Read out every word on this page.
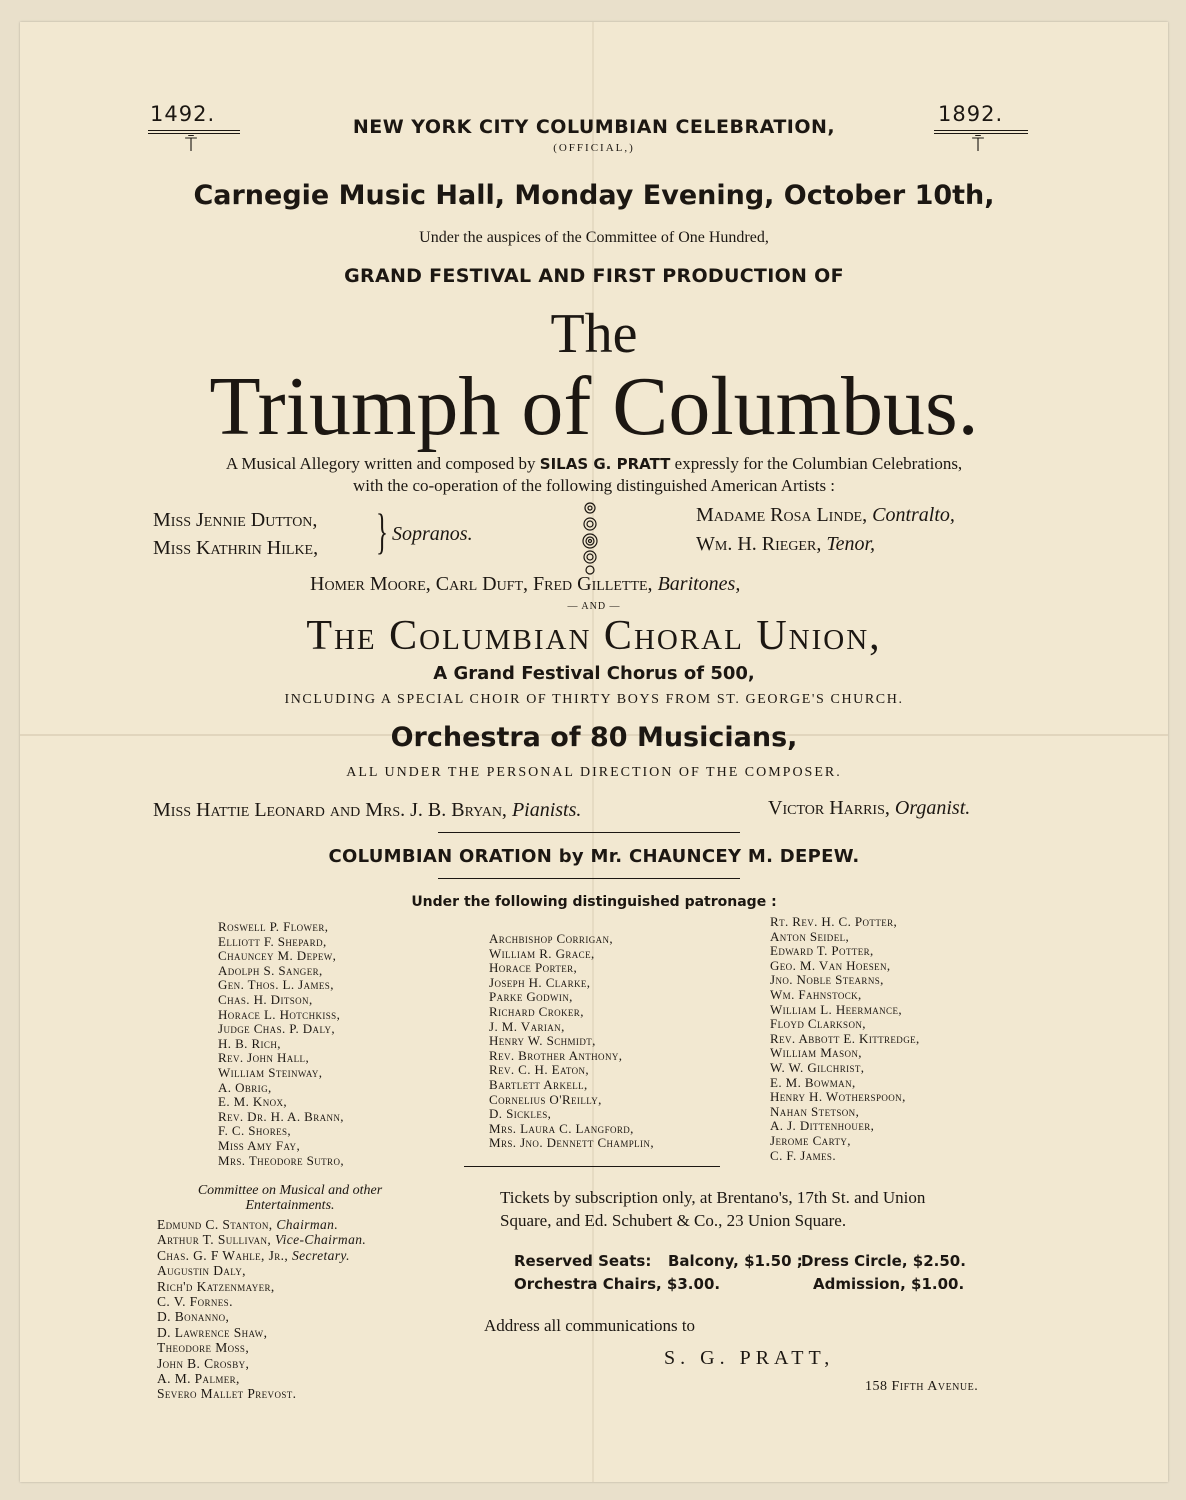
1492.
⍑
1892.
⍑
NEW YORK CITY COLUMBIAN CELEBRATION,
(OFFICIAL,)
Carnegie Music Hall, Monday Evening, October 10th,
Under the auspices of the Committee of One Hundred,
GRAND FESTIVAL AND FIRST PRODUCTION OF
The
Triumph of Columbus.
A Musical Allegory written and composed by SILAS G. PRATT expressly for the Columbian Celebrations,
with the co-operation of the following distinguished American Artists :
Miss Jennie Dutton,
Miss Kathrin Hilke, } Sopranos.
Madame Rosa Linde, Contralto,
Wm. H. Rieger, Tenor,
Homer Moore, Carl Duft, Fred Gillette, Baritones,
— AND —
The Columbian Choral Union,
A Grand Festival Chorus of 500,
INCLUDING A SPECIAL CHOIR OF THIRTY BOYS FROM ST. GEORGE'S CHURCH.
Orchestra of 80 Musicians,
ALL UNDER THE PERSONAL DIRECTION OF THE COMPOSER.
Miss Hattie Leonard and Mrs. J. B. Bryan, Pianists.	Victor Harris, Organist.
COLUMBIAN ORATION by Mr. CHAUNCEY M. DEPEW.
Under the following distinguished patronage :
Roswell P. Flower,
Elliott F. Shepard,
Chauncey M. Depew,
Adolph S. Sanger,
Gen. Thos. L. James,
Chas. H. Ditson,
Horace L. Hotchkiss,
Judge Chas. P. Daly,
H. B. Rich,
Rev. John Hall,
William Steinway,
A. Obrig,
E. M. Knox,
Rev. Dr. H. A. Brann,
F. C. Shores,
Miss Amy Fay,
Mrs. Theodore Sutro,
Archbishop Corrigan,
William R. Grace,
Horace Porter,
Joseph H. Clarke,
Parke Godwin,
Richard Croker,
J. M. Varian,
Henry W. Schmidt,
Rev. Brother Anthony,
Rev. C. H. Eaton,
Bartlett Arkell,
Cornelius O'Reilly,
D. Sickles,
Mrs. Laura C. Langford,
Mrs. Jno. Dennett Champlin,
Rt. Rev. H. C. Potter,
Anton Seidel,
Edward T. Potter,
Geo. M. Van Hoesen,
Jno. Noble Stearns,
Wm. Fahnstock,
William L. Heermance,
Floyd Clarkson,
Rev. Abbott E. Kittredge,
William Mason,
W. W. Gilchrist,
E. M. Bowman,
Henry H. Wotherspoon,
Nahan Stetson,
A. J. Dittenhouer,
Jerome Carty,
C. F. James.
Committee on Musical and other
Entertainments.
Edmund C. Stanton, Chairman.
Arthur T. Sullivan, Vice-Chairman.
Chas. G. F Wahle, Jr., Secretary.
Augustin Daly,
Rich'd Katzenmayer,
C. V. Fornes.
D. Bonanno,
D. Lawrence Shaw,
Theodore Moss,
John B. Crosby,
A. M. Palmer,
Severo Mallet Prevost.
Tickets by subscription only, at Brentano's, 17th St. and Union
Square, and Ed. Schubert & Co., 23 Union Square.
Reserved Seats: Balcony, $1.50 ;
Dress Circle, $2.50.
Orchestra Chairs, $3.00.	Admission, $1.00.
Address all communications to
S. G. PRATT,
158 Fifth Avenue.
